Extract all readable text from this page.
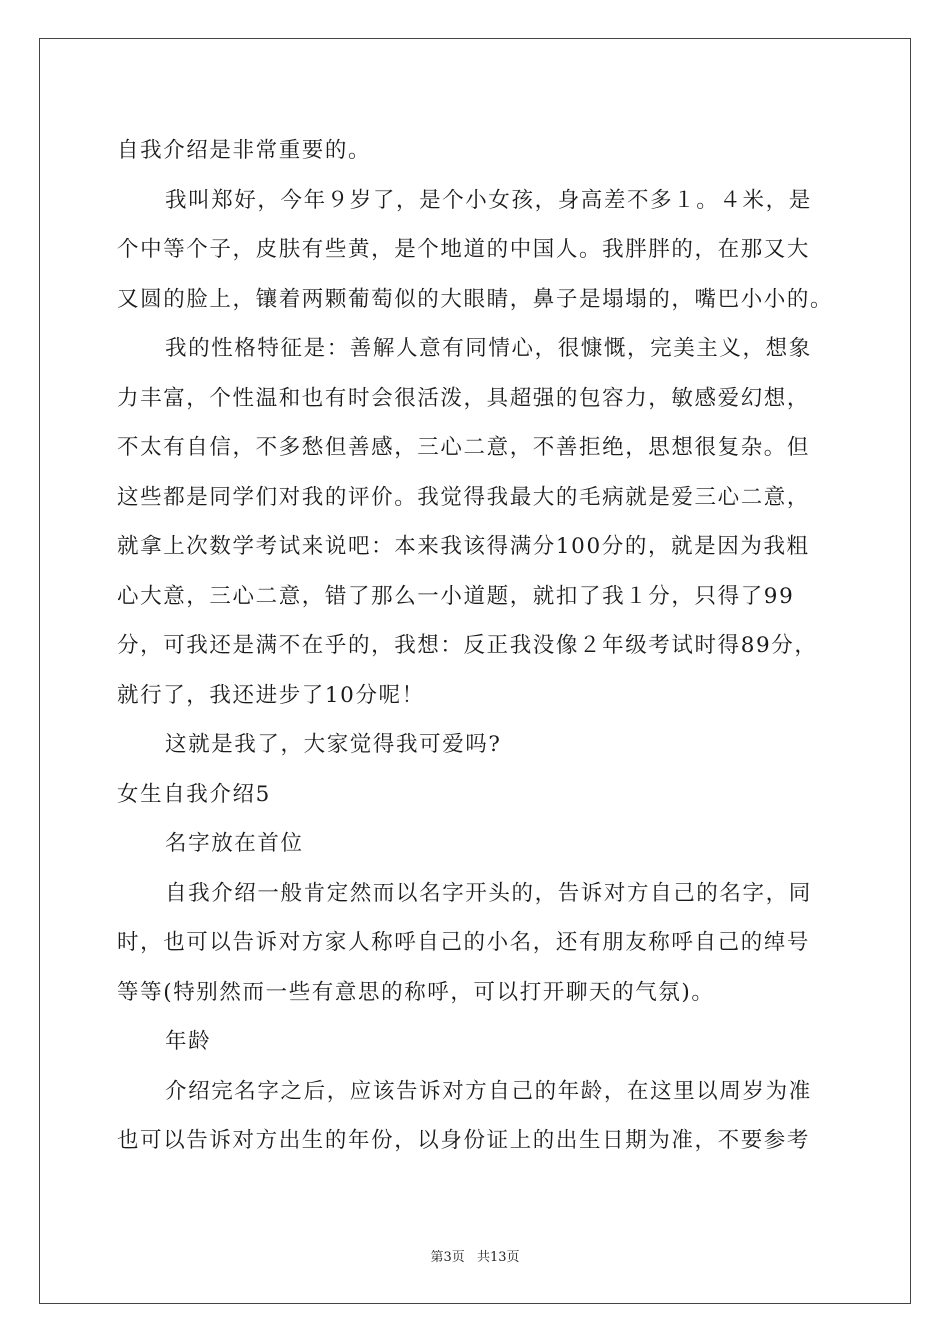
自我介绍是非常重要的。
我叫郑好，今年９岁了，是个小女孩，身高差不多１。４米，是
个中等个子，皮肤有些黄，是个地道的中国人。我胖胖的，在那又大
又圆的脸上，镶着两颗葡萄似的大眼睛，鼻子是塌塌的，嘴巴小小的。
我的性格特征是：善解人意有同情心，很慷慨，完美主义，想象
力丰富，个性温和也有时会很活泼，具超强的包容力，敏感爱幻想，
不太有自信，不多愁但善感，三心二意，不善拒绝，思想很复杂。但
这些都是同学们对我的评价。我觉得我最大的毛病就是爱三心二意，
就拿上次数学考试来说吧：本来我该得满分100分的，就是因为我粗
心大意，三心二意，错了那么一小道题，就扣了我１分，只得了99
分，可我还是满不在乎的，我想：反正我没像２年级考试时得89分，
就行了，我还进步了10分呢！
这就是我了，大家觉得我可爱吗?
女生自我介绍5
名字放在首位
自我介绍一般肯定然而以名字开头的，告诉对方自己的名字，同
时，也可以告诉对方家人称呼自己的小名，还有朋友称呼自己的绰号
等等(特别然而一些有意思的称呼，可以打开聊天的气氛)。
年龄
介绍完名字之后，应该告诉对方自己的年龄，在这里以周岁为准
也可以告诉对方出生的年份，以身份证上的出生日期为准，不要参考
第3页 共13页
